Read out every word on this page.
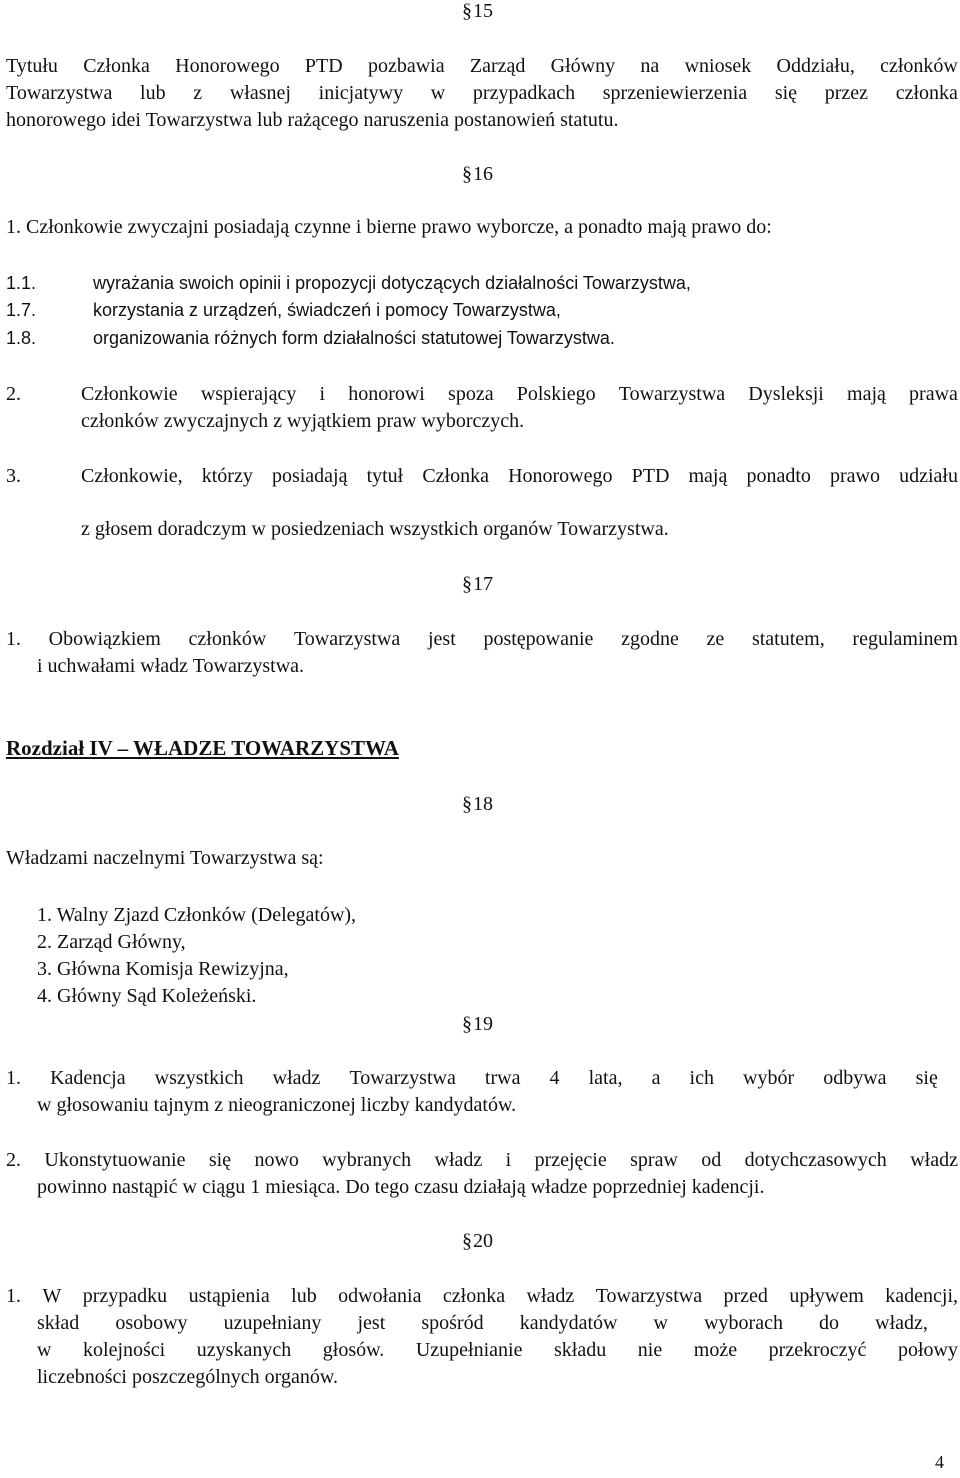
§ 15
Tytułu Członka Honorowego PTD pozbawia Zarząd Główny na wniosek Oddziału, członków
Towarzystwa lub z własnej inicjatywy w przypadkach sprzeniewierzenia się przez członka
honorowego idei Towarzystwa lub rażącego naruszenia postanowień statutu.
§ 16
1. Członkowie zwyczajni posiadają czynne i bierne prawo wyborcze, a ponadto mają prawo do:
1.1.	wyrażania swoich opinii i propozycji dotyczących działalności Towarzystwa,
1.7.	korzystania z urządzeń, świadczeń i pomocy Towarzystwa,
1.8.	organizowania różnych form działalności statutowej Towarzystwa.
2.	Członkowie wspierający i honorowi spoza Polskiego Towarzystwa Dysleksji mają prawa
członków zwyczajnych z wyjątkiem praw wyborczych.
3.	Członkowie, którzy posiadają tytuł Członka Honorowego PTD mają ponadto prawo udziału
z głosem doradczym w posiedzeniach wszystkich organów Towarzystwa.
§ 17
1. Obowiązkiem członków Towarzystwa jest postępowanie zgodne ze statutem, regulaminem
i uchwałami władz Towarzystwa.
Rozdział IV – WŁADZE TOWARZYSTWA
§ 18
Władzami naczelnymi Towarzystwa są:
1. Walny Zjazd Członków (Delegatów),
2. Zarząd Główny,
3. Główna Komisja Rewizyjna,
4. Główny Sąd Koleżeński.
§ 19
1. Kadencja wszystkich władz Towarzystwa trwa 4 lata, a ich wybór odbywa się
w głosowaniu tajnym z nieograniczonej liczby kandydatów.
2. Ukonstytuowanie się nowo wybranych władz i przejęcie spraw od dotychczasowych władz
powinno nastąpić w ciągu 1 miesiąca. Do tego czasu działają władze poprzedniej kadencji.
§ 20
1. W przypadku ustąpienia lub odwołania członka władz Towarzystwa przed upływem kadencji,
skład osobowy uzupełniany jest spośród kandydatów w wyborach do władz,
w kolejności uzyskanych głosów. Uzupełnianie składu nie może przekroczyć połowy
liczebności poszczególnych organów.
4
